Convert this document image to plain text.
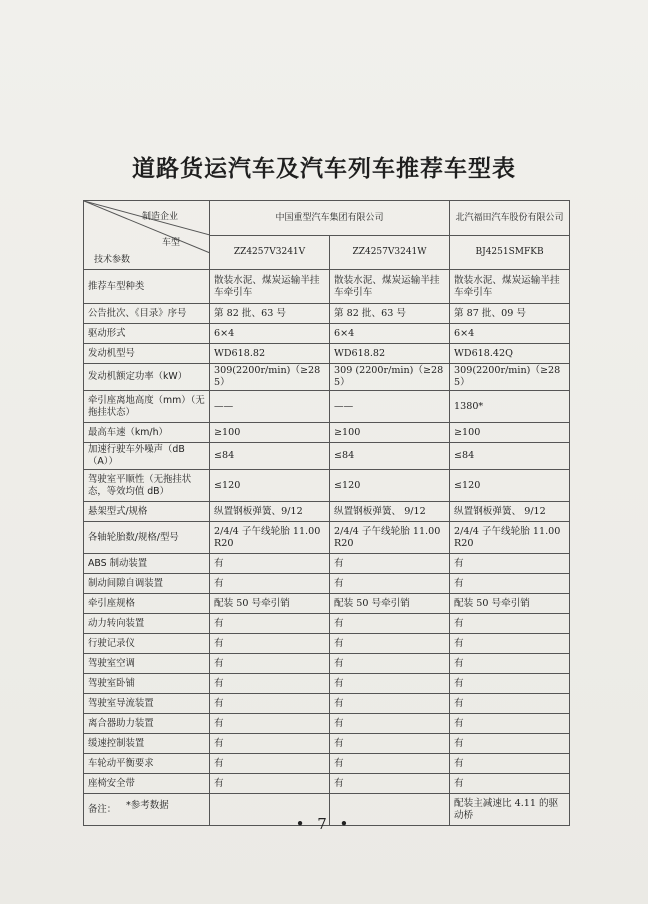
道路货运汽车及汽车列车推荐车型表
制造企业
车型
技术参数	中国重型汽车集团有限公司		北汽福田汽车股份有限公司
	ZZ4257V3241V	ZZ4257V3241W	BJ4251SMFKB
推荐车型种类	散装水泥、煤炭运输半挂车牵引车	散装水泥、煤炭运输半挂车牵引车	散装水泥、煤炭运输半挂车牵引车
公告批次、《目录》序号	第 82 批、63 号	第 82 批、63 号	第 87 批、09 号
驱动形式	6×4	6×4	6×4
发动机型号	WD618.82	WD618.82	WD618.42Q
发动机额定功率（kW）	309(2200r/min)（≥285）	309 (2200r/min)（≥285）	309(2200r/min)（≥285）
牵引座离地高度（mm）（无拖挂状态）	——	——	1380*
最高车速（km/h）	≥100	≥100	≥100
加速行驶车外噪声（dB（A））	≤84	≤84	≤84
驾驶室平顺性（无拖挂状态，等效均值 dB）	≤120	≤120	≤120
悬架型式/规格	纵置钢板弹簧、9/12	纵置钢板弹簧、 9/12	纵置钢板弹簧、 9/12
各轴轮胎数/规格/型号	2/4/4 子午线轮胎 11.00 R20	2/4/4 子午线轮胎 11.00 R20	2/4/4 子午线轮胎 11.00 R20
ABS 制动装置	有	有	有
制动间隙自调装置	有	有	有
牵引座规格	配装 50 号牵引销	配装 50 号牵引销	配装 50 号牵引销
动力转向装置	有	有	有
行驶记录仪	有	有	有
驾驶室空调	有	有	有
驾驶室卧铺	有	有	有
驾驶室导流装置	有	有	有
离合器助力装置	有	有	有
缓速控制装置	有	有	有
车轮动平衡要求	有	有	有
座椅安全带	有	有	有
备注：			配装主减速比 4.11 的驱动桥
*参考数据
• 7 •
